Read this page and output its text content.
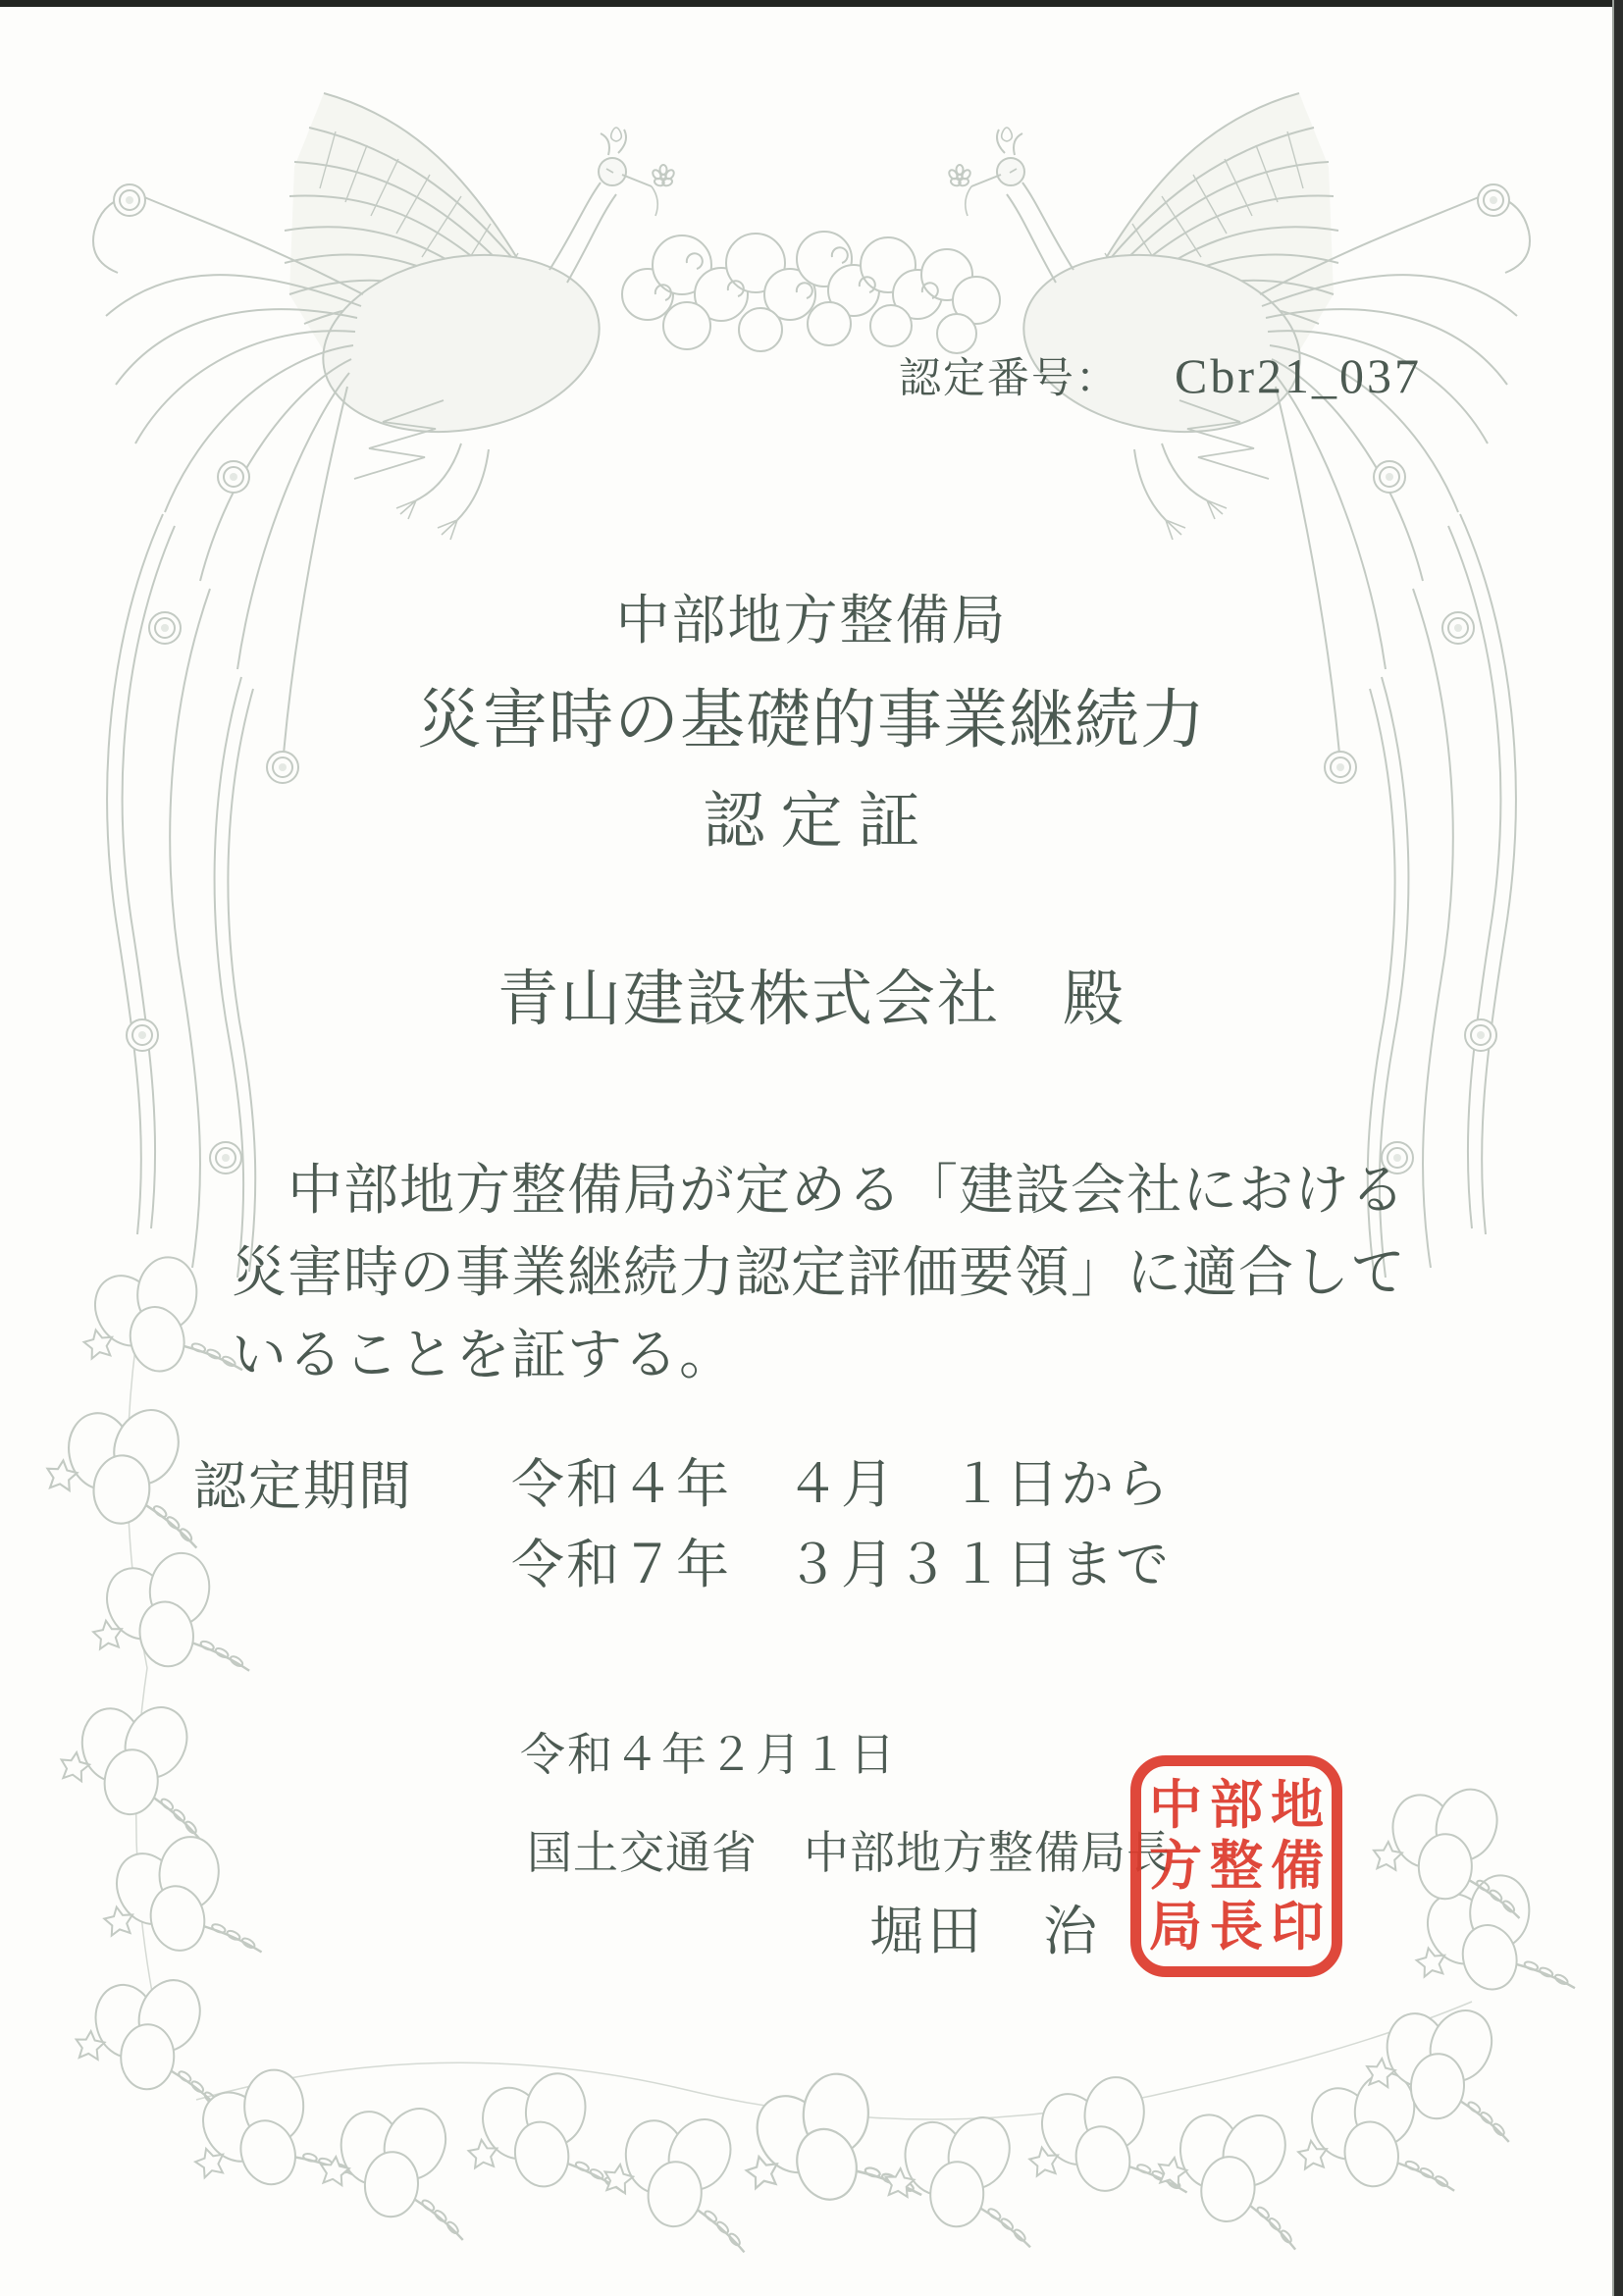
認定番号： Cbr21_037
中部地方整備局
災害時の基礎的事業継続力
認定証
青山建設株式会社　殿
　中部地方整備局が定める「建設会社における
災害時の事業継続力認定評価要領」に適合して
いることを証する。
認定期間 令和４年　４月　１日から
令和７年　３月３１日まで
令和４年２月１日
国土交通省　中部地方整備局長
堀田　治
中部地
方整備
局長印
